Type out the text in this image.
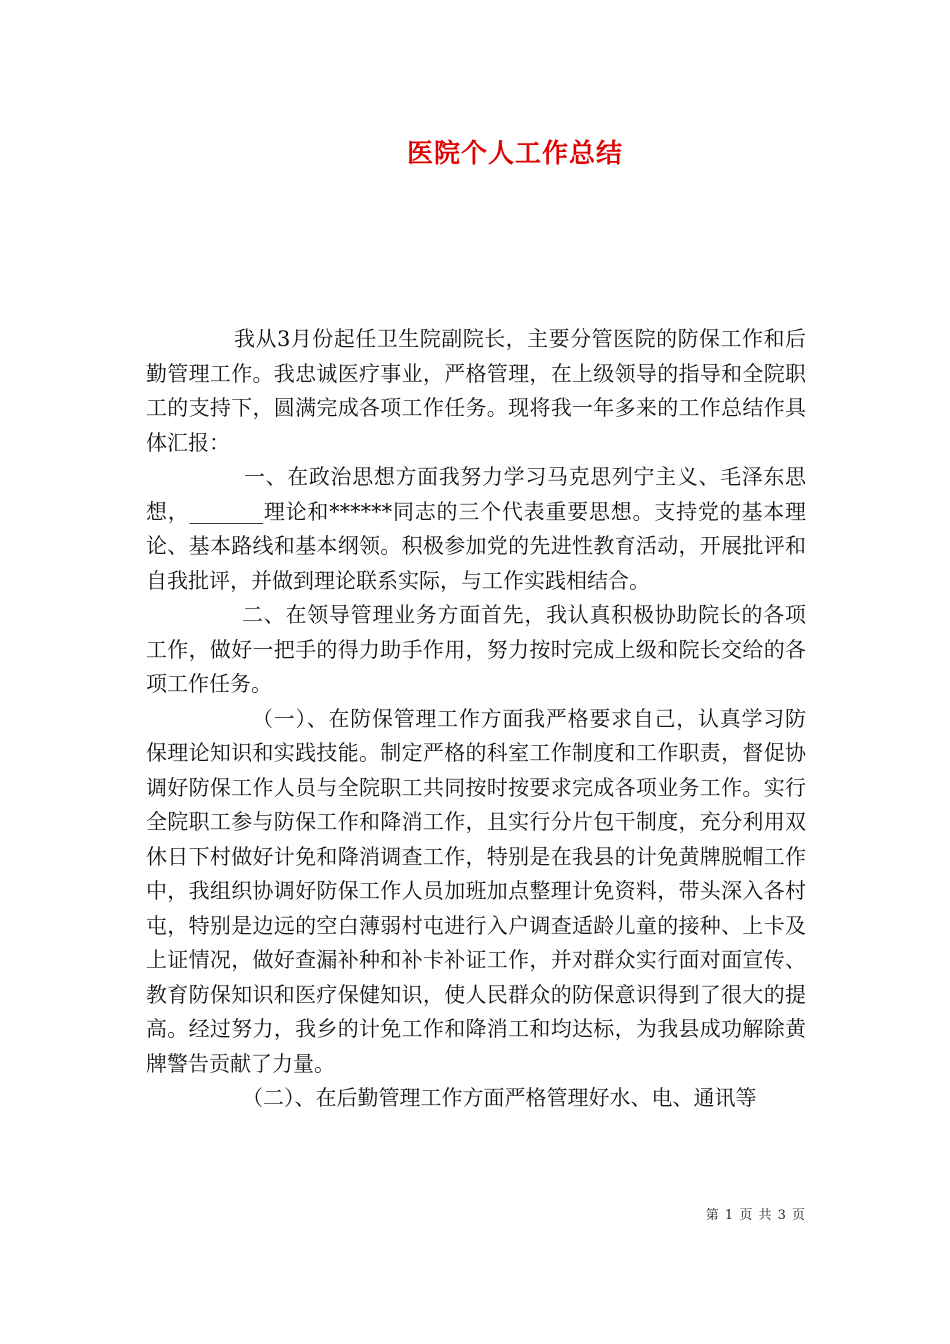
医院个人工作总结

我从3月份起任卫生院副院长，主要分管医院的防保工作和后勤管理工作。我忠诚医疗事业，严格管理，在上级领导的指导和全院职工的支持下，圆满完成各项工作任务。现将我一年多来的工作总结作具体汇报：

一、在政治思想方面我努力学习马克思列宁主义、毛泽东思想，_______理论和******同志的三个代表重要思想。支持党的基本理论、基本路线和基本纲领。积极参加党的先进性教育活动，开展批评和自我批评，并做到理论联系实际，与工作实践相结合。

二、在领导管理业务方面首先，我认真积极协助院长的各项工作，做好一把手的得力助手作用，努力按时完成上级和院长交给的各项工作任务。

（一）、在防保管理工作方面我严格要求自己，认真学习防保理论知识和实践技能。制定严格的科室工作制度和工作职责，督促协调好防保工作人员与全院职工共同按时按要求完成各项业务工作。实行全院职工参与防保工作和降消工作，且实行分片包干制度，充分利用双休日下村做好计免和降消调查工作，特别是在我县的计免黄牌脱帽工作中，我组织协调好防保工作人员加班加点整理计免资料，带头深入各村屯，特别是边远的空白薄弱村屯进行入户调查适龄儿童的接种、上卡及上证情况，做好查漏补种和补卡补证工作，并对群众实行面对面宣传、教育防保知识和医疗保健知识，使人民群众的防保意识得到了很大的提高。经过努力，我乡的计免工作和降消工和均达标，为我县成功解除黄牌警告贡献了力量。

（二）、在后勤管理工作方面严格管理好水、电、通讯等

第 1 页 共 3 页
